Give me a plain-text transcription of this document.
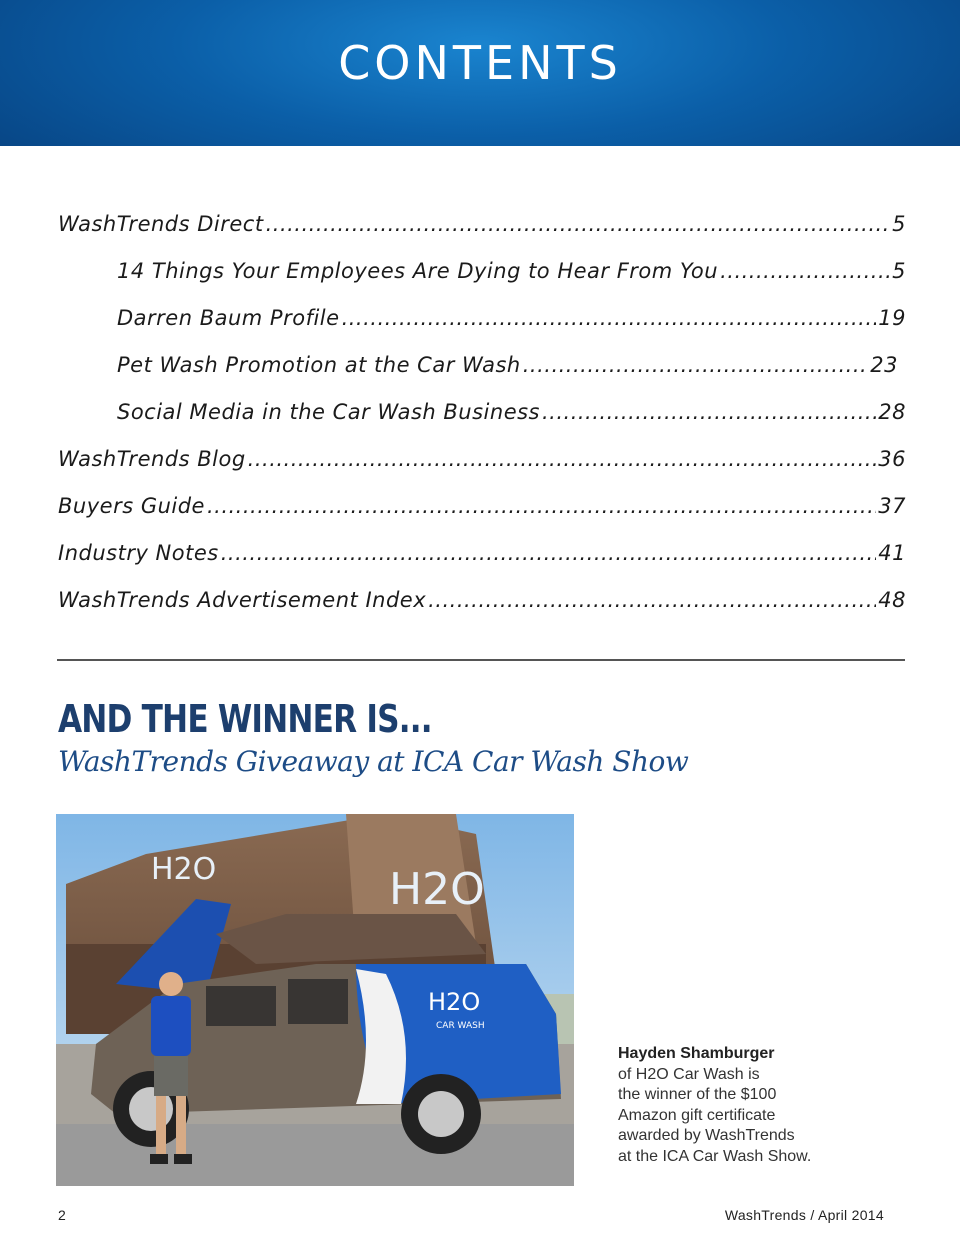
CONTENTS
WashTrends Direct .....	5
14 Things Your Employees Are Dying to Hear From You .....	5
Darren Baum Profile .....	19
Pet Wash Promotion at the Car Wash .....	23
Social Media in the Car Wash Business .....	28
WashTrends Blog .....	36
Buyers Guide .....	37
Industry Notes .....	41
WashTrends Advertisement Index .....	48
AND THE WINNER IS...
WashTrends Giveaway at ICA Car Wash Show
H2O	H2O
H2O
CAR WASH
Hayden Shamburger
of H2O Car Wash is
the winner of the $100
Amazon gift certificate
awarded by WashTrends
at the ICA Car Wash Show.
2	WashTrends / April 2014
